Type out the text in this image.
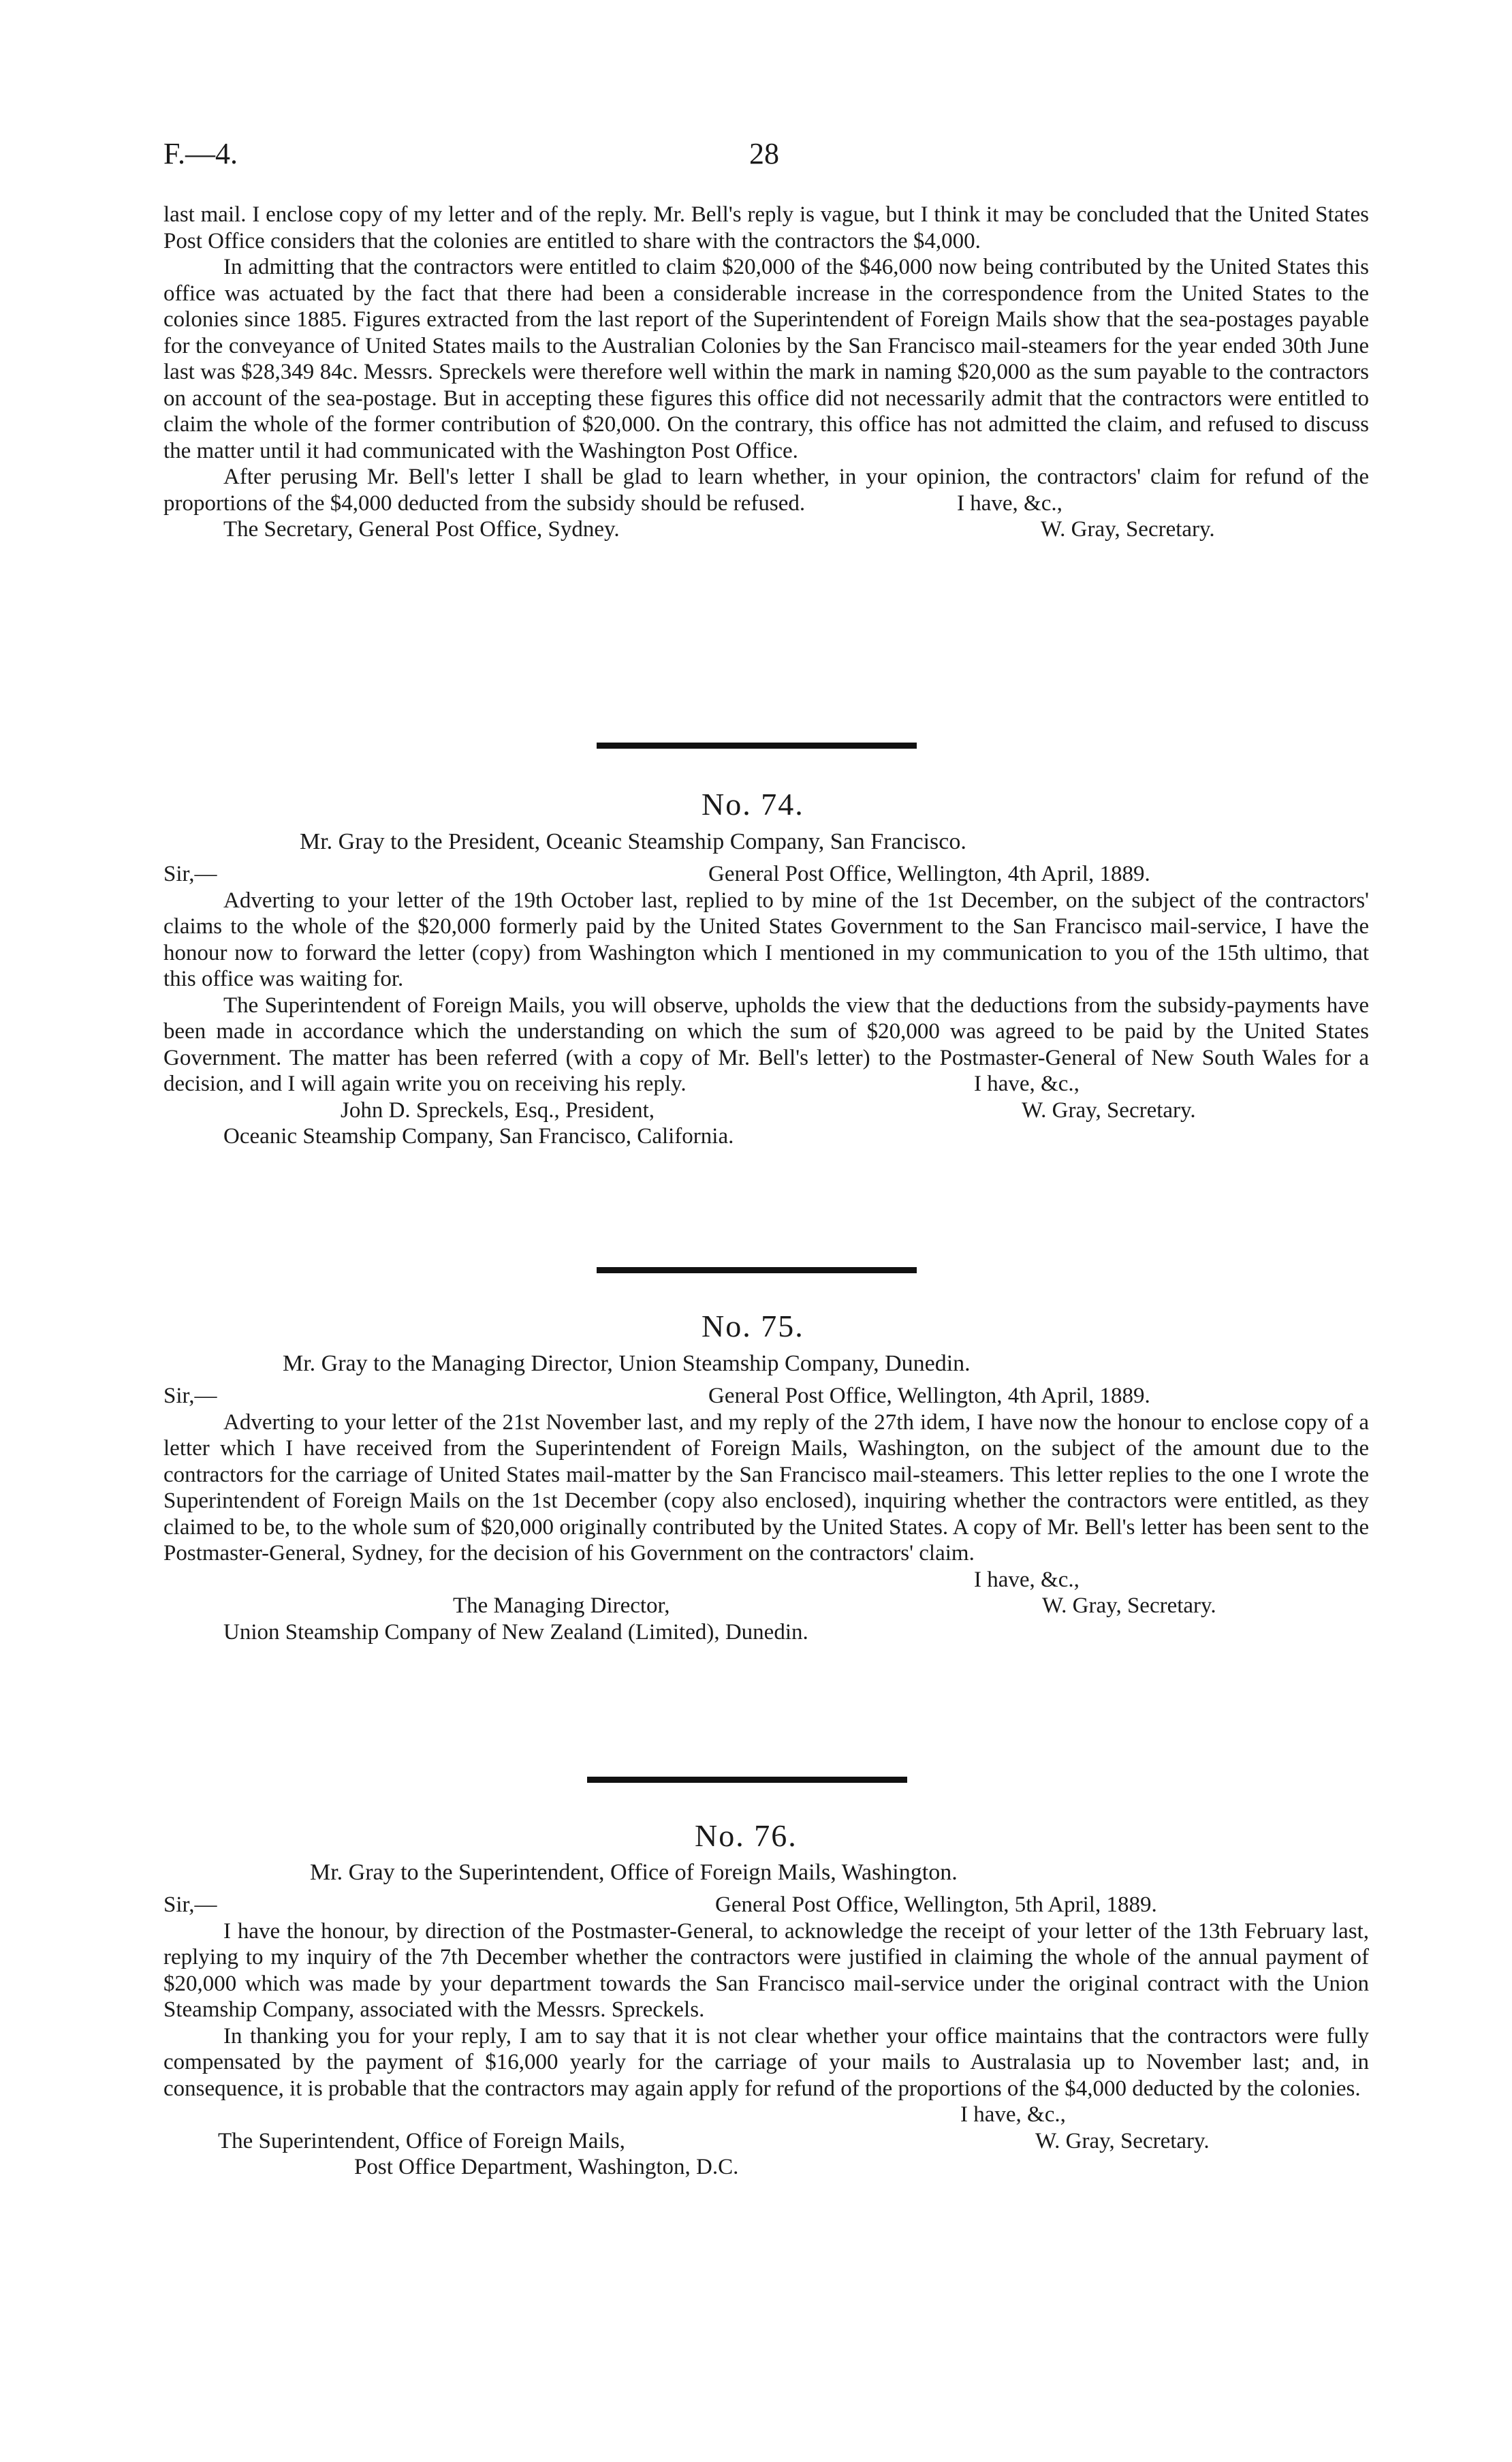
F.—4.	28

last mail. I enclose copy of my letter and of the reply. Mr. Bell's reply is vague, but I think it may be concluded that the United States Post Office considers that the colonies are entitled to share with the contractors the $4,000.

In admitting that the contractors were entitled to claim $20,000 of the $46,000 now being contributed by the United States this office was actuated by the fact that there had been a considerable increase in the correspondence from the United States to the colonies since 1885. Figures extracted from the last report of the Superintendent of Foreign Mails show that the sea-postages payable for the conveyance of United States mails to the Australian Colonies by the San Francisco mail-steamers for the year ended 30th June last was $28,349 84c. Messrs. Spreckels were therefore well within the mark in naming $20,000 as the sum payable to the contractors on account of the sea-postage. But in accepting these figures this office did not necessarily admit that the contractors were entitled to claim the whole of the former contribution of $20,000. On the contrary, this office has not admitted the claim, and refused to discuss the matter until it had communicated with the Washington Post Office.

After perusing Mr. Bell's letter I shall be glad to learn whether, in your opinion, the contractors' claim for refund of the proportions of the $4,000 deducted from the subsidy should be refused.	I have, &c.,
The Secretary, General Post Office, Sydney.	W. Gray, Secretary.
No. 74.
Mr. Gray to the President, Oceanic Steamship Company, San Francisco.
Sir,—	General Post Office, Wellington, 4th April, 1889.

Adverting to your letter of the 19th October last, replied to by mine of the 1st December, on the subject of the contractors' claims to the whole of the $20,000 formerly paid by the United States Government to the San Francisco mail-service, I have the honour now to forward the letter (copy) from Washington which I mentioned in my communication to you of the 15th ultimo, that this office was waiting for.

The Superintendent of Foreign Mails, you will observe, upholds the view that the deductions from the subsidy-payments have been made in accordance which the understanding on which the sum of $20,000 was agreed to be paid by the United States Government. The matter has been referred (with a copy of Mr. Bell's letter) to the Postmaster-General of New South Wales for a decision, and I will again write you on receiving his reply.	I have, &c.,
John D. Spreckels, Esq., President,	W. Gray, Secretary.
Oceanic Steamship Company, San Francisco, California.
No. 75.
Mr. Gray to the Managing Director, Union Steamship Company, Dunedin.
Sir,—	General Post Office, Wellington, 4th April, 1889.

Adverting to your letter of the 21st November last, and my reply of the 27th idem, I have now the honour to enclose copy of a letter which I have received from the Superintendent of Foreign Mails, Washington, on the subject of the amount due to the contractors for the carriage of United States mail-matter by the San Francisco mail-steamers. This letter replies to the one I wrote the Superintendent of Foreign Mails on the 1st December (copy also enclosed), inquiring whether the contractors were entitled, as they claimed to be, to the whole sum of $20,000 originally contributed by the United States. A copy of Mr. Bell's letter has been sent to the Postmaster-General, Sydney, for the decision of his Government on the contractors' claim.

I have, &c.,
The Managing Director,	W. Gray, Secretary.
Union Steamship Company of New Zealand (Limited), Dunedin.
No. 76.
Mr. Gray to the Superintendent, Office of Foreign Mails, Washington.
Sir,—	General Post Office, Wellington, 5th April, 1889.

I have the honour, by direction of the Postmaster-General, to acknowledge the receipt of your letter of the 13th February last, replying to my inquiry of the 7th December whether the contractors were justified in claiming the whole of the annual payment of $20,000 which was made by your department towards the San Francisco mail-service under the original contract with the Union Steamship Company, associated with the Messrs. Spreckels.

In thanking you for your reply, I am to say that it is not clear whether your office maintains that the contractors were fully compensated by the payment of $16,000 yearly for the carriage of your mails to Australasia up to November last; and, in consequence, it is probable that the contractors may again apply for refund of the proportions of the $4,000 deducted by the colonies.

I have, &c.,
The Superintendent, Office of Foreign Mails,	W. Gray, Secretary.
Post Office Department, Washington, D.C.
